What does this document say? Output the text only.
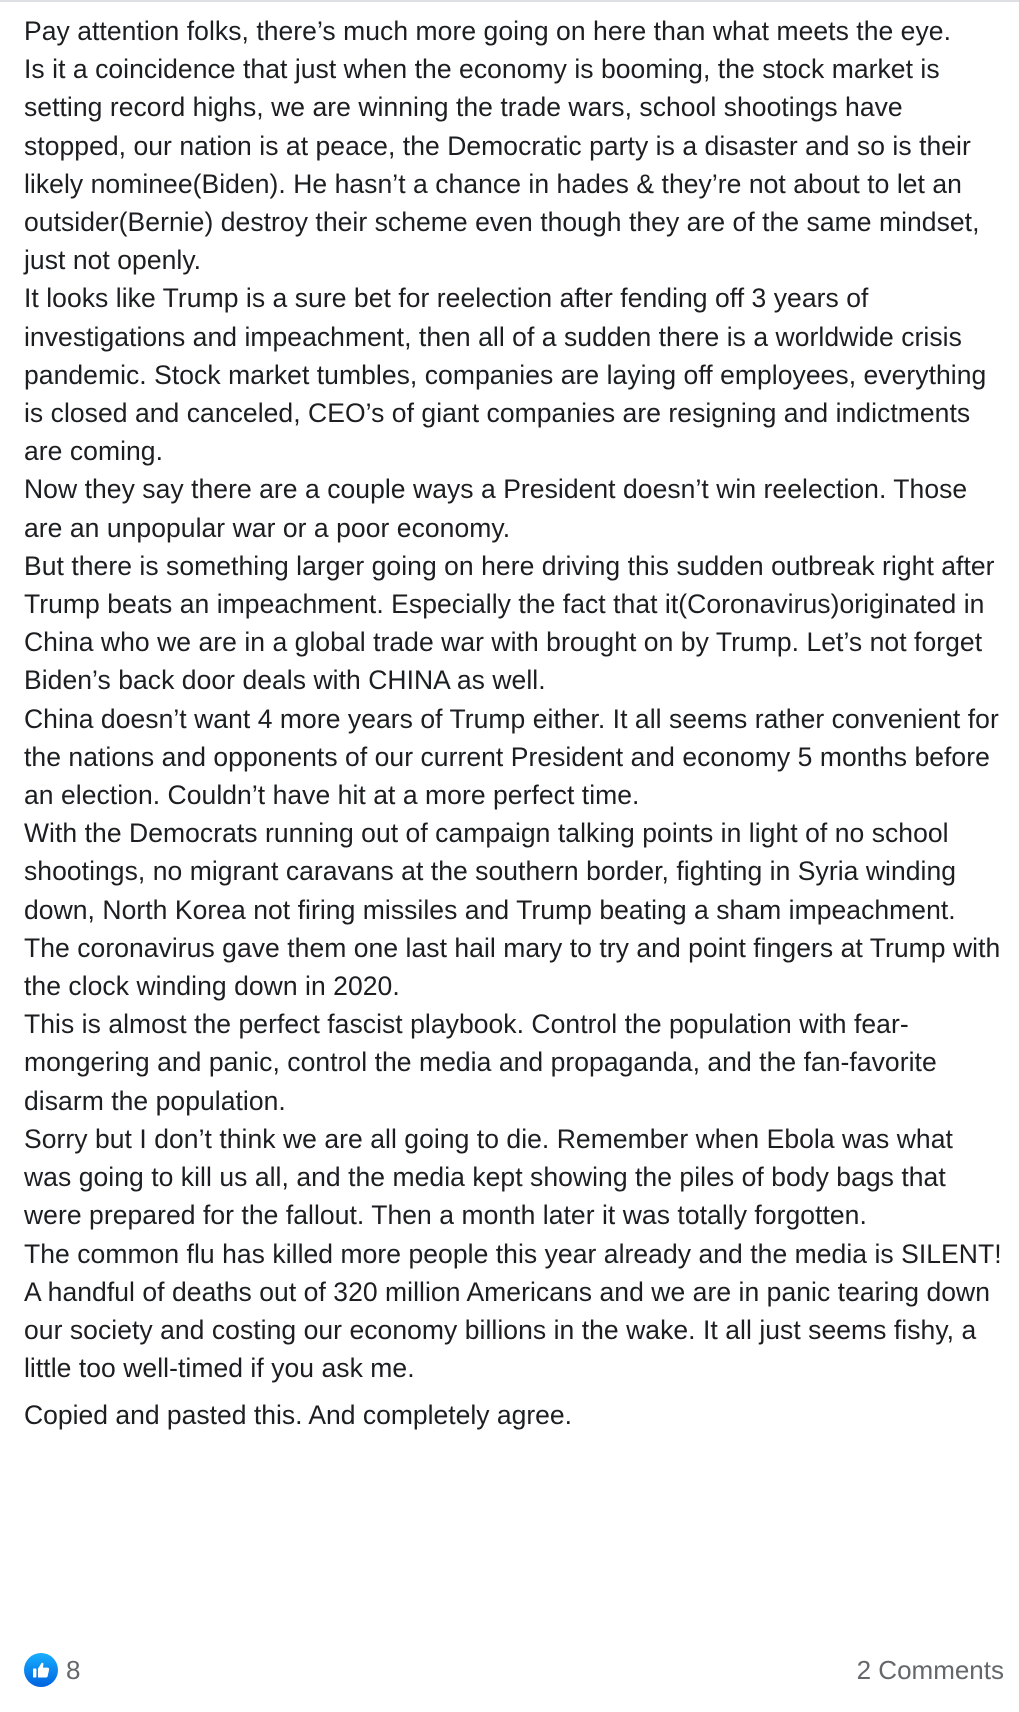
Pay attention folks, there’s much more going on here than what meets the eye.

Is it a coincidence that just when the economy is booming, the stock market is setting record highs, we are winning the trade wars, school shootings have stopped, our nation is at peace, the Democratic party is a disaster and so is their likely nominee(Biden). He hasn’t a chance in hades & they’re not about to let an outsider(Bernie) destroy their scheme even though they are of the same mindset, just not openly.

It looks like Trump is a sure bet for reelection after fending off 3 years of investigations and impeachment, then all of a sudden there is a worldwide crisis pandemic. Stock market tumbles, companies are laying off employees, everything is closed and canceled, CEO’s of giant companies are resigning and indictments are coming.

Now they say there are a couple ways a President doesn’t win reelection. Those are an unpopular war or a poor economy.

But there is something larger going on here driving this sudden outbreak right after Trump beats an impeachment. Especially the fact that it(Coronavirus)originated in China who we are in a global trade war with brought on by Trump. Let’s not forget Biden’s back door deals with CHINA as well.

China doesn’t want 4 more years of Trump either. It all seems rather convenient for the nations and opponents of our current President and economy 5 months before an election. Couldn’t have hit at a more perfect time.

With the Democrats running out of campaign talking points in light of no school shootings, no migrant caravans at the southern border, fighting in Syria winding down, North Korea not firing missiles and Trump beating a sham impeachment. The coronavirus gave them one last hail mary to try and point fingers at Trump with the clock winding down in 2020.

This is almost the perfect fascist playbook. Control the population with fear-mongering and panic, control the media and propaganda, and the fan-favorite disarm the population.

Sorry but I don’t think we are all going to die. Remember when Ebola was what was going to kill us all, and the media kept showing the piles of body bags that were prepared for the fallout. Then a month later it was totally forgotten.

The common flu has killed more people this year already and the media is SILENT!

A handful of deaths out of 320 million Americans and we are in panic tearing down our society and costing our economy billions in the wake. It all just seems fishy, a little too well-timed if you ask me.

Copied and pasted this. And completely agree.

8	2 Comments
